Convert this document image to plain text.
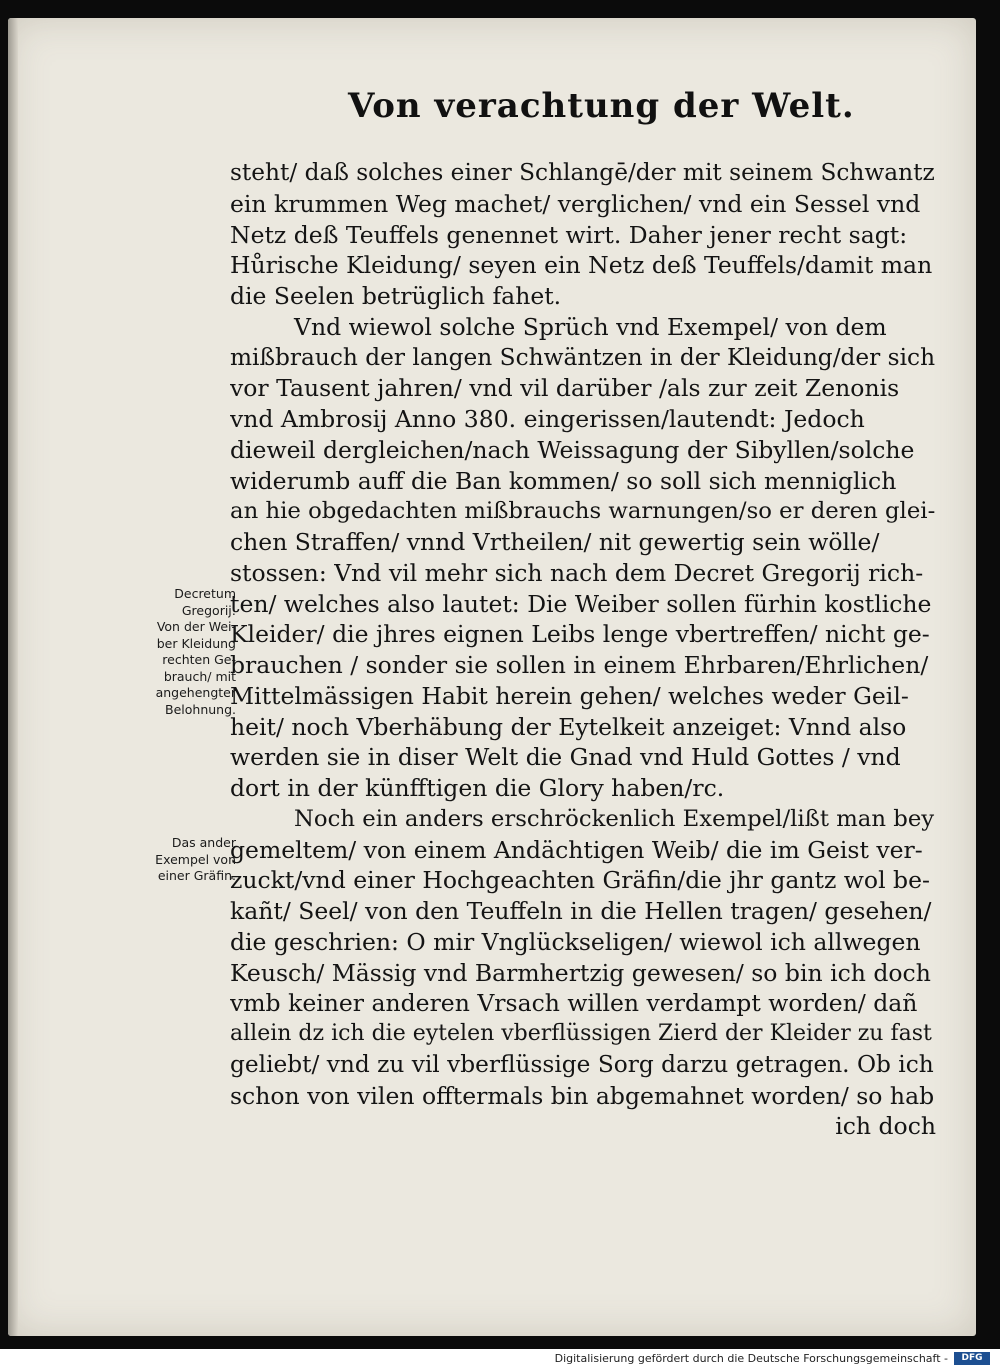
Von verachtung der Welt.
steht/ daß solches einer Schlangē/der mit seinem Schwantz
ein krummen Weg machet/ verglichen/ vnd ein Sessel vnd
Netz deß Teuffels genennet wirt. Daher jener recht sagt:
Hůrische Kleidung/ seyen ein Netz deß Teuffels/damit man
die Seelen betrüglich fahet.
Vnd wiewol solche Sprüch vnd Exempel/ von dem
mißbrauch der langen Schwäntzen in der Kleidung/der sich
vor Tausent jahren/ vnd vil darüber /als zur zeit Zenonis
vnd Ambrosij Anno 380. eingerissen/lautendt: Jedoch
dieweil dergleichen/nach Weissagung der Sibyllen/solche
widerumb auff die Ban kommen/ so soll sich menniglich
an hie obgedachten mißbrauchs warnungen/so er deren glei-
chen Straffen/ vnnd Vrtheilen/ nit gewertig sein wölle/
stossen: Vnd vil mehr sich nach dem Decret Gregorij rich-
ten/ welches also lautet: Die Weiber sollen fürhin kostliche
Kleider/ die jhres eignen Leibs lenge vbertreffen/ nicht ge-
brauchen / sonder sie sollen in einem Ehrbaren/Ehrlichen/
Mittelmässigen Habit herein gehen/ welches weder Geil-
heit/ noch Vberhäbung der Eytelkeit anzeiget: Vnnd also
werden sie in diser Welt die Gnad vnd Huld Gottes / vnd
dort in der künfftigen die Glory haben/rc.
Noch ein anders erschröckenlich Exempel/lißt man bey
gemeltem/ von einem Andächtigen Weib/ die im Geist ver-
zuckt/vnd einer Hochgeachten Gräfin/die jhr gantz wol be-
kañt/ Seel/ von den Teuffeln in die Hellen tragen/ gesehen/
die geschrien: O mir Vnglückseligen/ wiewol ich allwegen
Keusch/ Mässig vnd Barmhertzig gewesen/ so bin ich doch
vmb keiner anderen Vrsach willen verdampt worden/ dañ
allein dz ich die eytelen vberflüssigen Zierd der Kleider zu fast
geliebt/ vnd zu vil vberflüssige Sorg darzu getragen. Ob ich
schon von vilen offtermals bin abgemahnet worden/ so hab
ich doch
Decretum
Gregorij:
Von der Wei-
ber Kleidung
rechten Ge-
brauch/ mit
angehengter
Belohnung.
Das ander
Exempel von
einer Gräfin.
Digitalisierung gefördert durch die Deutsche Forschungsgemeinschaft -	DFG
